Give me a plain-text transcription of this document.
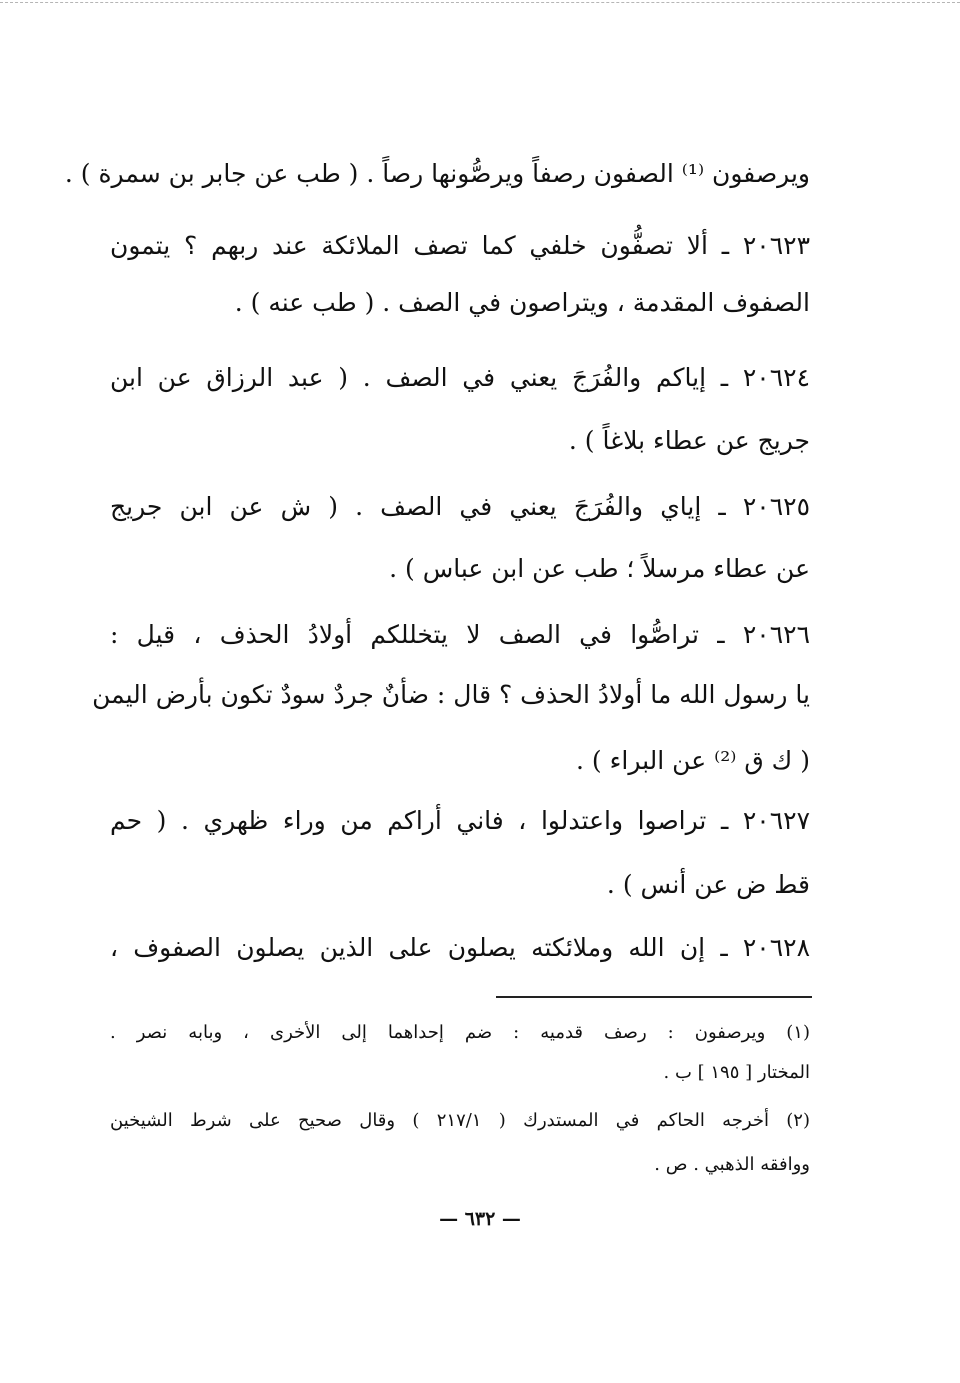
ويرصفون ⁽¹⁾ الصفون رصفاً ويرصُّونها رصاً . ( طب عن جابر بن سمرة ) .
٢٠٦٢٣ ـ ألا تصفُّون خلفي كما تصف الملائكة عند ربهم ؟ يتمون
الصفوف المقدمة ، ويتراصون في الصف . ( طب عنه ) .
٢٠٦٢٤ ـ إياكم والفُرَجَ يعني في الصف . ( عبد الرزاق عن ابن
جريج عن عطاء بلاغاً ) .
٢٠٦٢٥ ـ إياي والفُرَجَ يعني في الصف . ( ش عن ابن جريج
عن عطاء مرسلاً ؛ طب عن ابن عباس ) .
٢٠٦٢٦ ـ تراصُّوا في الصف لا يتخللكم أولادُ الحذف ، قيل :
يا رسول الله ما أولادُ الحذف ؟ قال : ضأنٌ جردٌ سودٌ تكون بأرض اليمن
( ك ق ⁽²⁾ عن البراء ) .
٢٠٦٢٧ ـ تراصوا واعتدلوا ، فاني أراكم من وراء ظهري . ( حم
قط ض عن أنس ) .
٢٠٦٢٨ ـ إن الله وملائكته يصلون على الذين يصلون الصفوف ،
(١) ويرصفون : رصف قدميه : ضم إحداهما إلى الأخرى ، وبابه نصر .
المختار [ ١٩٥ ] ب .
(٢) أخرجه الحاكم في المستدرك ( ٢١٧/١ ) وقال صحيح على شرط الشيخين
ووافقه الذهبي . ص .
— ٦٣٢ —
